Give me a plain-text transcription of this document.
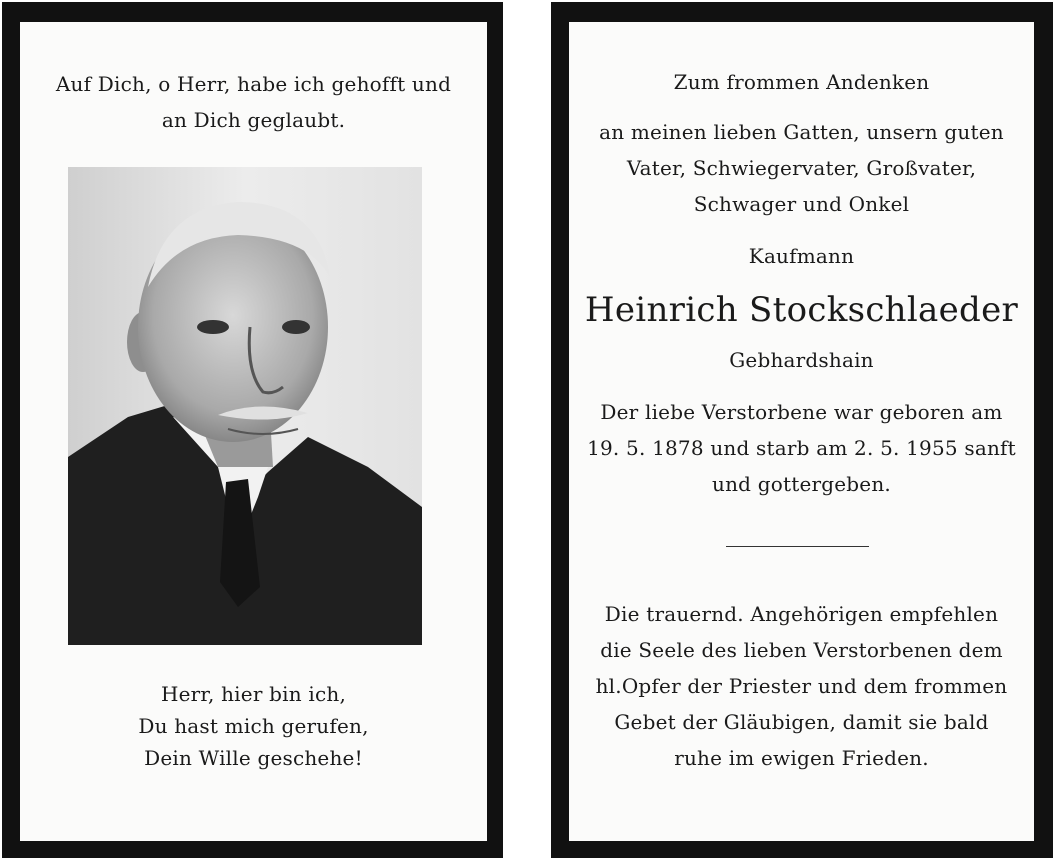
Auf Dich, o Herr, habe ich gehofft und
an Dich geglaubt.
Herr, hier bin ich,
Du hast mich gerufen,
Dein Wille geschehe!
Zum frommen Andenken
an meinen lieben Gatten, unsern guten
Vater, Schwiegervater, Großvater,
Schwager und Onkel
Kaufmann
Heinrich Stockschlaeder
Gebhardshain
Der liebe Verstorbene war geboren am
19. 5. 1878 und starb am 2. 5. 1955 sanft
und gottergeben.
Die trauernd. Angehörigen empfehlen
die Seele des lieben Verstorbenen dem
hl.Opfer der Priester und dem frommen
Gebet der Gläubigen, damit sie bald
ruhe im ewigen Frieden.
